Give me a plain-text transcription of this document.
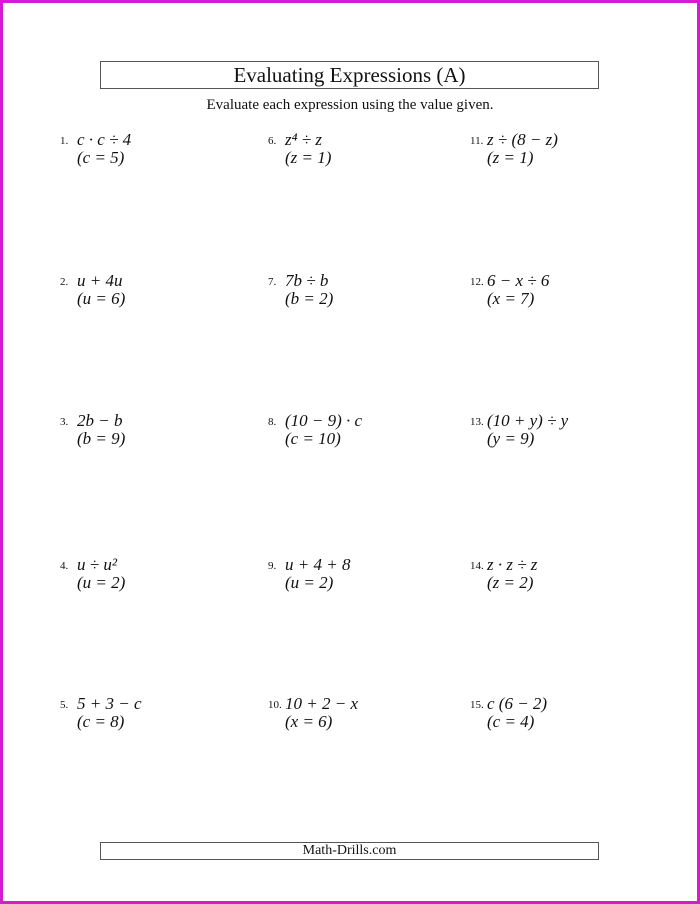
Evaluating Expressions (A)
Evaluate each expression using the value given.
1. c · c ÷ 4
(c = 5)
2. u + 4u
(u = 6)
3. 2b − b
(b = 9)
4. u ÷ u²
(u = 2)
5. 5 + 3 − c
(c = 8)
6. z⁴ ÷ z
(z = 1)
7. 7b ÷ b
(b = 2)
8. (10 − 9) · c
(c = 10)
9. u + 4 + 8
(u = 2)
10. 10 + 2 − x
(x = 6)
11. z ÷ (8 − z)
(z = 1)
12. 6 − x ÷ 6
(x = 7)
13. (10 + y) ÷ y
(y = 9)
14. z · z ÷ z
(z = 2)
15. c (6 − 2)
(c = 4)
Math-Drills.com
